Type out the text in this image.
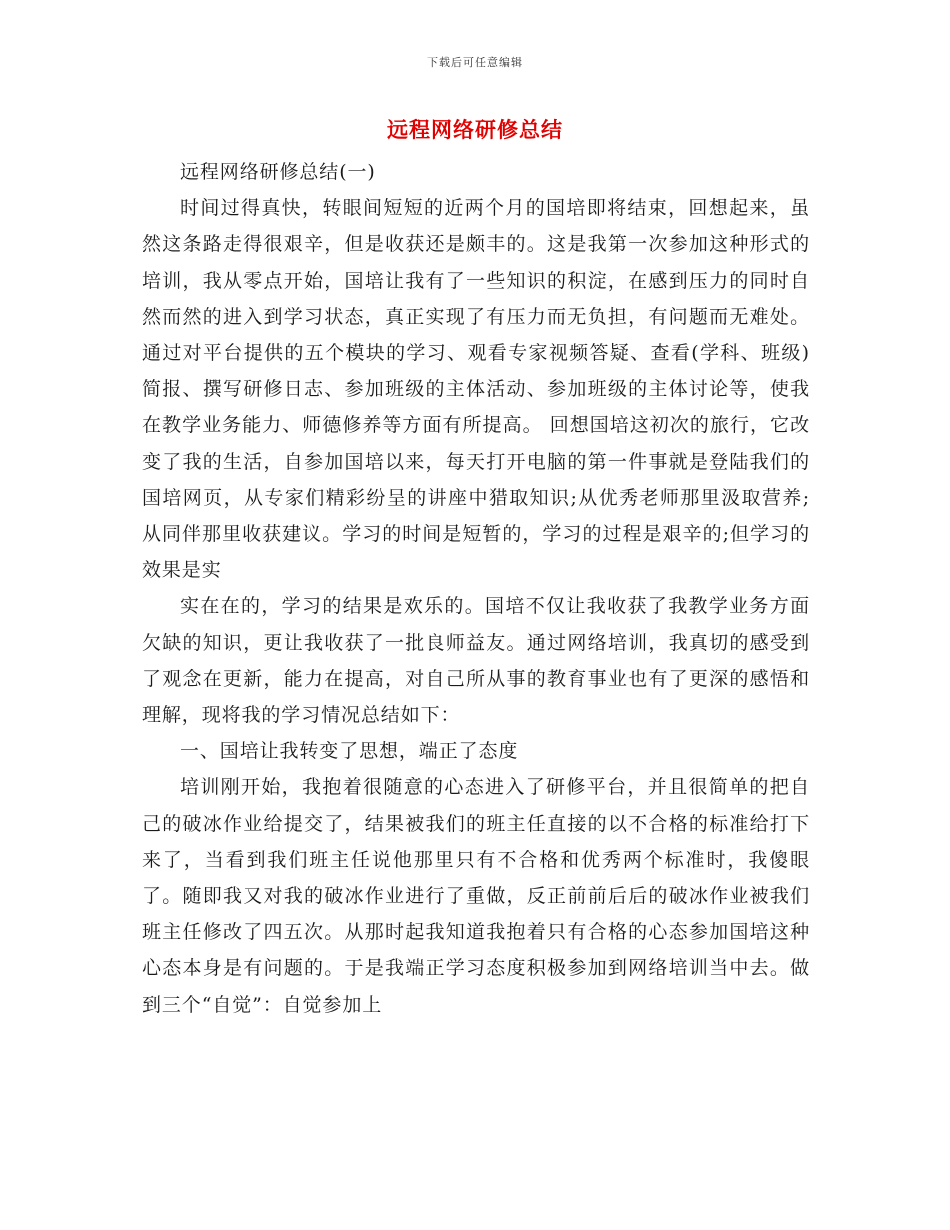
下载后可任意编辑
远程网络研修总结

远程网络研修总结(一)

时间过得真快，转眼间短短的近两个月的国培即将结束，回想起来，虽然这条路走得很艰辛，但是收获还是颇丰的。这是我第一次参加这种形式的培训，我从零点开始，国培让我有了一些知识的积淀，在感到压力的同时自然而然的进入到学习状态，真正实现了有压力而无负担，有问题而无难处。通过对平台提供的五个模块的学习、观看专家视频答疑、查看(学科、班级)简报、撰写研修日志、参加班级的主体活动、参加班级的主体讨论等，使我在教学业务能力、师德修养等方面有所提高。 回想国培这初次的旅行，它改变了我的生活，自参加国培以来，每天打开电脑的第一件事就是登陆我们的国培网页，从专家们精彩纷呈的讲座中猎取知识;从优秀老师那里汲取营养;从同伴那里收获建议。学习的时间是短暂的，学习的过程是艰辛的;但学习的效果是实

实在在的，学习的结果是欢乐的。国培不仅让我收获了我教学业务方面欠缺的知识，更让我收获了一批良师益友。通过网络培训，我真切的感受到了观念在更新，能力在提高，对自己所从事的教育事业也有了更深的感悟和理解，现将我的学习情况总结如下：

一、国培让我转变了思想，端正了态度

培训刚开始，我抱着很随意的心态进入了研修平台，并且很简单的把自己的破冰作业给提交了，结果被我们的班主任直接的以不合格的标准给打下来了，当看到我们班主任说他那里只有不合格和优秀两个标准时，我傻眼了。随即我又对我的破冰作业进行了重做，反正前前后后的破冰作业被我们班主任修改了四五次。从那时起我知道我抱着只有合格的心态参加国培这种心态本身是有问题的。于是我端正学习态度积极参加到网络培训当中去。做到三个“自觉”：自觉参加上
